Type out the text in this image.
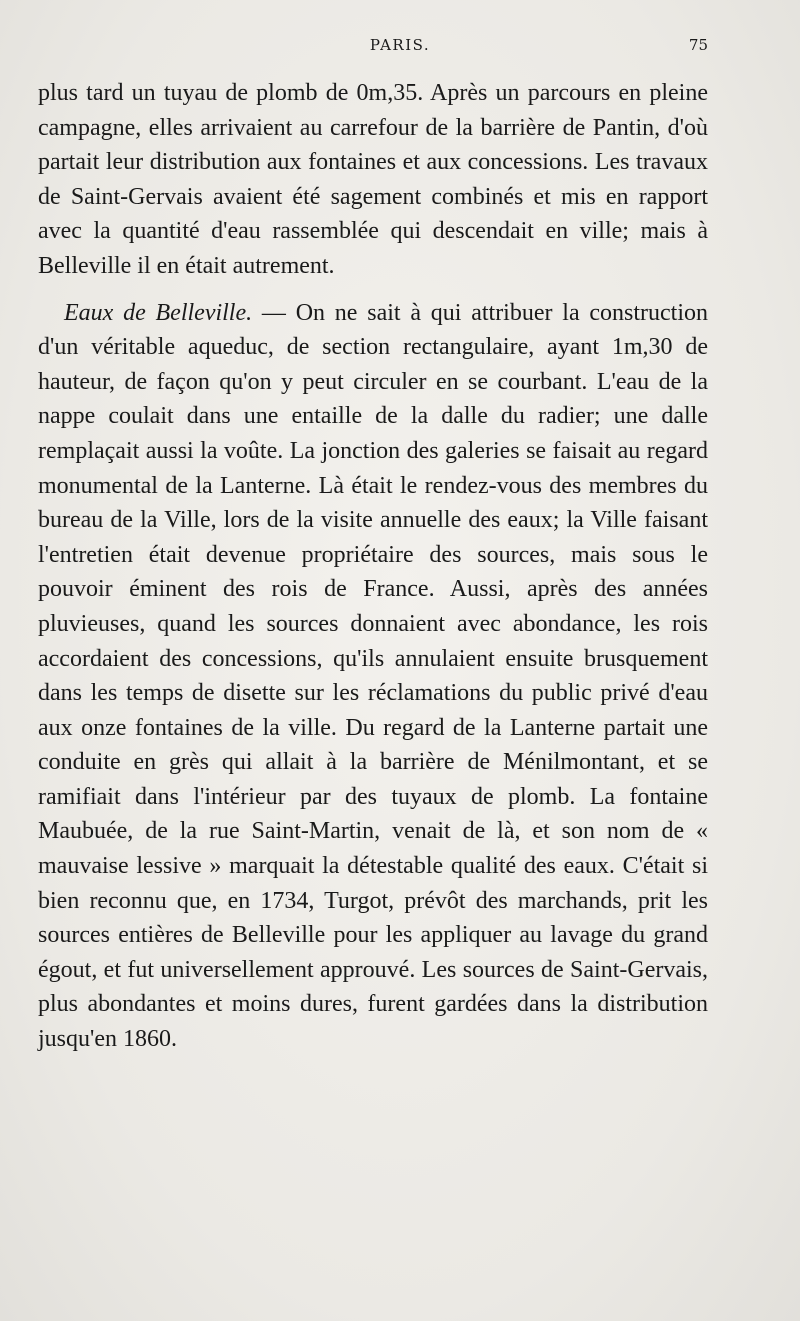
PARIS.	75

plus tard un tuyau de plomb de 0m,35. Après un parcours en pleine campagne, elles arrivaient au carrefour de la barrière de Pantin, d'où partait leur distribution aux fontaines et aux concessions. Les travaux de Saint-Gervais avaient été sagement combinés et mis en rapport avec la quantité d'eau rassemblée qui descendait en ville; mais à Belleville il en était autrement.

Eaux de Belleville. — On ne sait à qui attribuer la construction d'un véritable aqueduc, de section rectangulaire, ayant 1m,30 de hauteur, de façon qu'on y peut circuler en se courbant. L'eau de la nappe coulait dans une entaille de la dalle du radier; une dalle remplaçait aussi la voûte. La jonction des galeries se faisait au regard monumental de la Lanterne. Là était le rendez-vous des membres du bureau de la Ville, lors de la visite annuelle des eaux; la Ville faisant l'entretien était devenue propriétaire des sources, mais sous le pouvoir éminent des rois de France. Aussi, après des années pluvieuses, quand les sources donnaient avec abondance, les rois accordaient des concessions, qu'ils annulaient ensuite brusquement dans les temps de disette sur les réclamations du public privé d'eau aux onze fontaines de la ville. Du regard de la Lanterne partait une conduite en grès qui allait à la barrière de Ménilmontant, et se ramifiait dans l'intérieur par des tuyaux de plomb. La fontaine Maubuée, de la rue Saint-Martin, venait de là, et son nom de « mauvaise lessive » marquait la détestable qualité des eaux. C'était si bien reconnu que, en 1734, Turgot, prévôt des marchands, prit les sources entières de Belleville pour les appliquer au lavage du grand égout, et fut universellement approuvé. Les sources de Saint-Gervais, plus abondantes et moins dures, furent gardées dans la distribution jusqu'en 1860.
